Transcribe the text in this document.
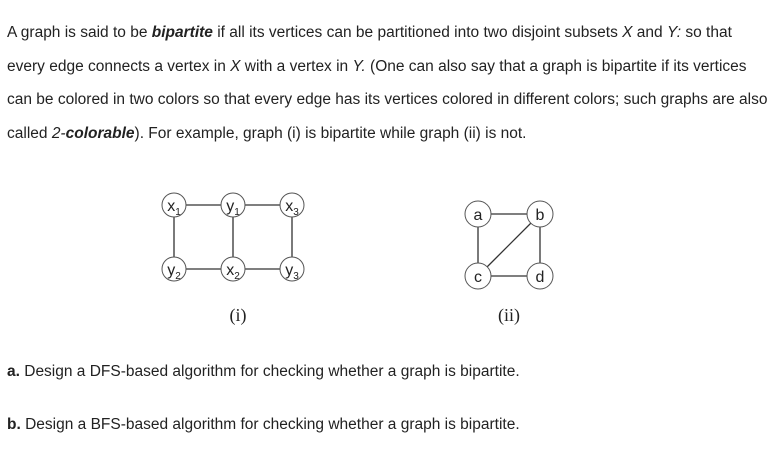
A graph is said to be bipartite if all its vertices can be partitioned into two disjoint subsets X and Y: so that every edge connects a vertex in X with a vertex in Y. (One can also say that a graph is bipartite if its vertices can be colored in two colors so that every edge has its vertices colored in different colors; such graphs are also called 2-colorable). For example, graph (i) is bipartite while graph (ii) is not.

$x_1$	$y_1$	$x_3$
$y_2$	$x_2$	$y_3$
(i)
a	b
c	d
(ii)

a. Design a DFS-based algorithm for checking whether a graph is bipartite.

b. Design a BFS-based algorithm for checking whether a graph is bipartite.
